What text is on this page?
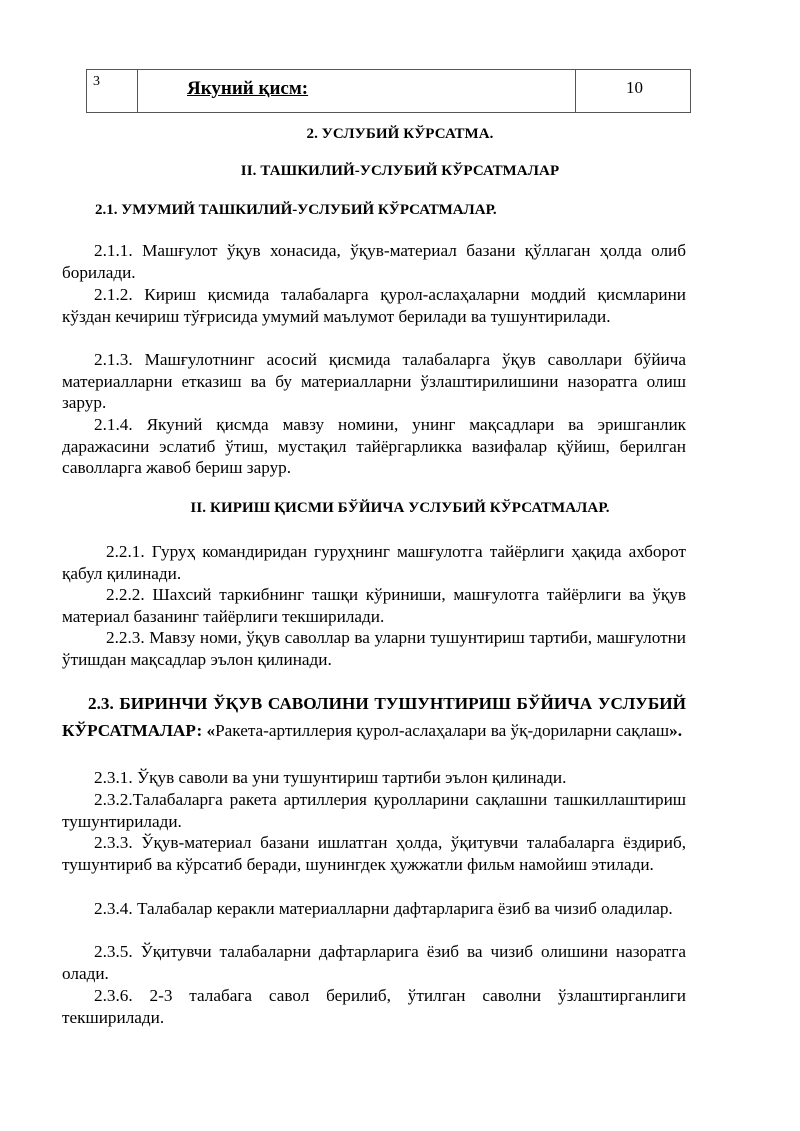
3	Якуний қисм:	10
2. УСЛУБИЙ КЎРСАТМА.
II. ТАШКИЛИЙ-УСЛУБИЙ КЎРСАТМАЛАР
2.1. УМУМИЙ ТАШКИЛИЙ-УСЛУБИЙ КЎРСАТМАЛАР.
2.1.1. Машғулот ўқув хонасида, ўқув-материал базани қўллаган ҳолда олиб борилади.
2.1.2. Кириш қисмида талабаларга қурол-аслаҳаларни моддий қисмларини кўздан кечириш тўғрисида умумий маълумот берилади ва тушунтирилади.
2.1.3. Машғулотнинг асосий қисмида талабаларга ўқув саволлари бўйича материалларни етказиш ва бу материалларни ўзлаштирилишини назоратга олиш зарур.
2.1.4. Якуний қисмда мавзу номини, унинг мақсадлари ва эришганлик даражасини эслатиб ўтиш, мустақил тайёргарликка вазифалар қўйиш, берилган саволларга жавоб бериш зарур.
II. КИРИШ ҚИСМИ БЎЙИЧА УСЛУБИЙ КЎРСАТМАЛАР.
2.2.1. Гуруҳ командиридан гуруҳнинг машғулотга тайёрлиги ҳақида ахборот қабул қилинади.
2.2.2. Шахсий таркибнинг ташқи кўриниши, машғулотга тайёрлиги ва ўқув материал базанинг тайёрлиги текширилади.
2.2.3. Мавзу номи, ўқув саволлар ва уларни тушунтириш тартиби, машғулотни ўтишдан мақсадлар эълон қилинади.
2.3. БИРИНЧИ ЎҚУВ САВОЛИНИ ТУШУНТИРИШ БЎЙИЧА УСЛУБИЙ КЎРСАТМАЛАР: «Ракета-артиллерия қурол-аслаҳалари ва ўқ-дориларни сақлаш».
2.3.1. Ўқув саволи ва уни тушунтириш тартиби эълон қилинади.
2.3.2.Талабаларга ракета артиллерия қуролларини сақлашни ташкиллаштириш тушунтирилади.
2.3.3. Ўқув-материал базани ишлатган ҳолда, ўқитувчи талабаларга ёздириб, тушунтириб ва кўрсатиб беради, шунингдек ҳужжатли фильм намойиш этилади.
2.3.4. Талабалар керакли материалларни дафтарларига ёзиб ва чизиб оладилар.
2.3.5. Ўқитувчи талабаларни дафтарларига ёзиб ва чизиб олишини назоратга олади.
2.3.6. 2-3 талабага савол берилиб, ўтилган саволни ўзлаштирганлиги текширилади.
